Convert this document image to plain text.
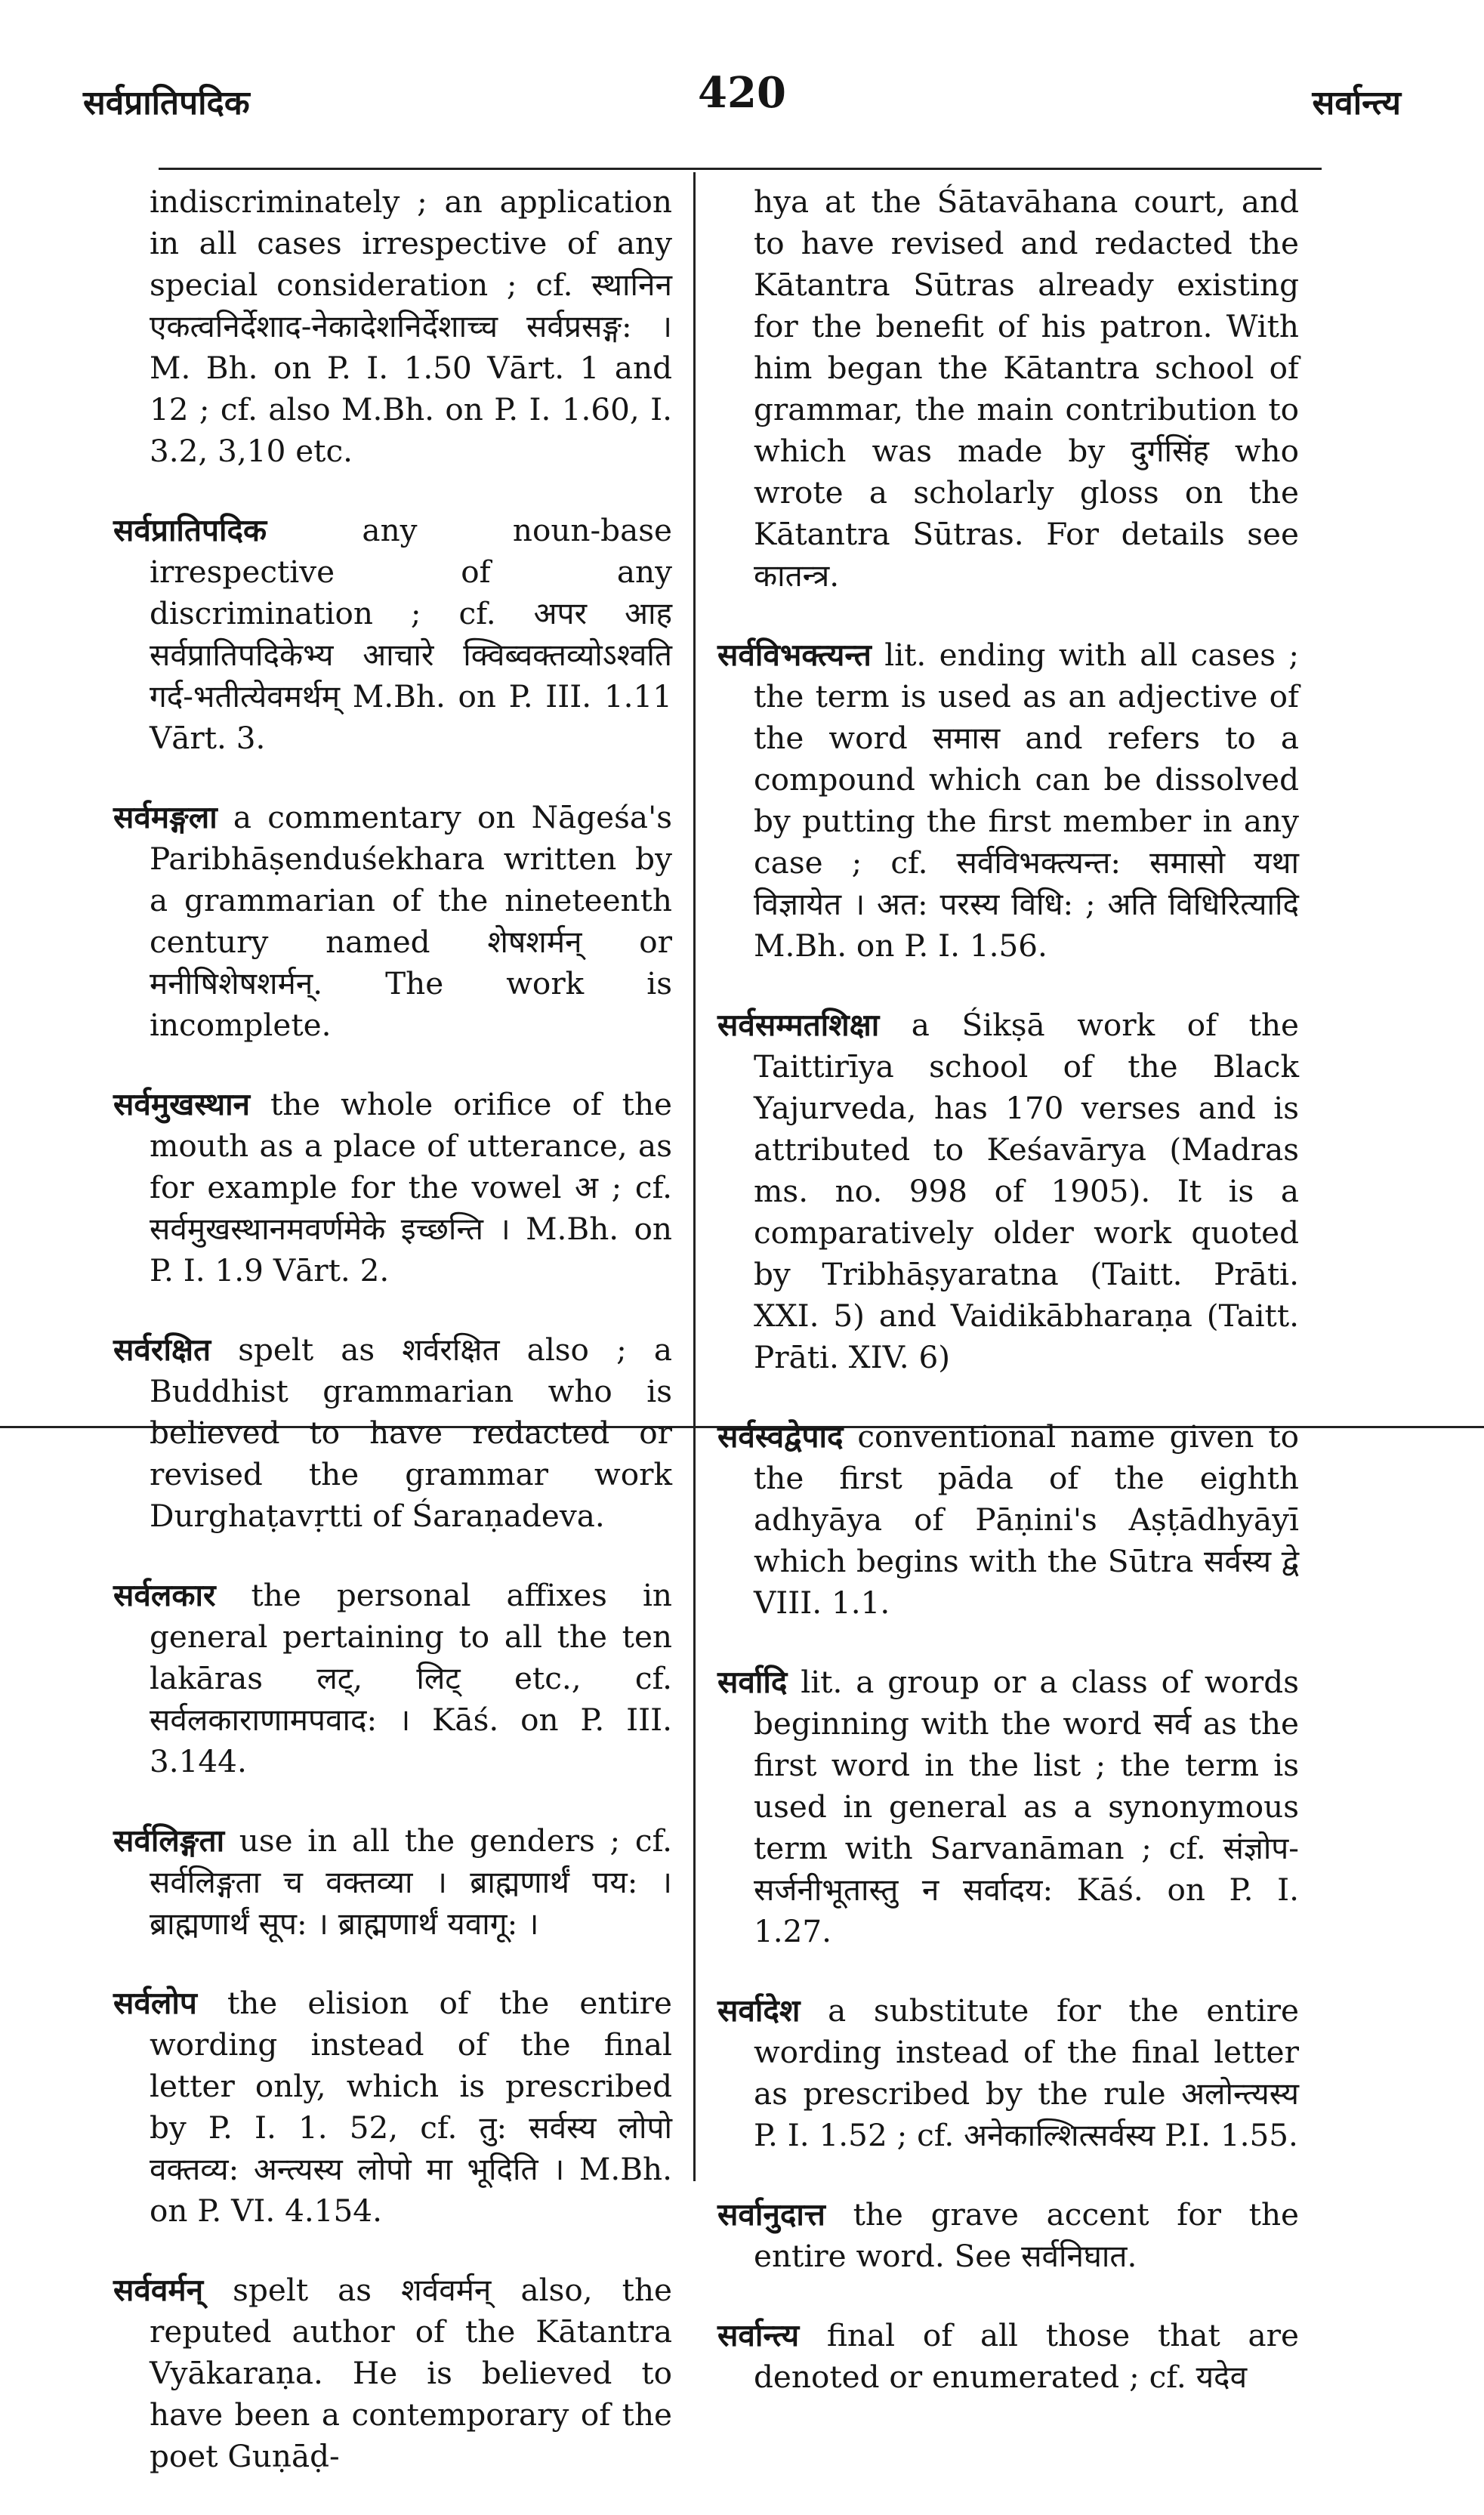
सर्वप्रातिपदिक	420	सर्वान्त्य

indiscriminately ; an application in all cases irrespective of any special consideration ; cf. स्थानिन एकत्वनिर्देशाद-नेकादेशनिर्देशाच्च सर्वप्रसङ्ग: । M. Bh. on P. I. 1.50 Vārt. 1 and 12 ; cf. also M.Bh. on P. I. 1.60, I. 3.2, 3,10 etc.

सर्वप्रातिपदिक any noun-base irrespective of any discrimination ; cf. अपर आह सर्वप्रातिपदिकेभ्य आचारे क्विब्वक्तव्योऽश्वति गर्द-भतीत्येवमर्थम् M.Bh. on P. III. 1.11 Vārt. 3.

सर्वमङ्गला a commentary on Nāgeśa's Paribhāṣenduśekhara written by a grammarian of the nineteenth century named शेषशर्मन् or मनीषिशेषशर्मन्. The work is incomplete.

सर्वमुखस्थान the whole orifice of the mouth as a place of utterance, as for example for the vowel अ ; cf. सर्वमुखस्थानमवर्णमेके इच्छन्ति । M.Bh. on P. I. 1.9 Vārt. 2.

सर्वरक्षित spelt as शर्वरक्षित also ; a Buddhist grammarian who is believed to have redacted or revised the grammar work Durghaṭavṛtti of Śaraṇadeva.

सर्वलकार the personal affixes in general pertaining to all the ten lakāras लट्, लिट् etc., cf. सर्वलकाराणामपवाद: । Kāś. on P. III. 3.144.

सर्वलिङ्गता use in all the genders ; cf. सर्वलिङ्गता च वक्तव्या । ब्राह्मणार्थं पय: । ब्राह्मणार्थं सूप: । ब्राह्मणार्थं यवागू: ।

सर्वलोप the elision of the entire wording instead of the final letter only, which is prescribed by P. I. 1. 52, cf. तु: सर्वस्य लोपो वक्तव्य: अन्त्यस्य लोपो मा भूदिति । M.Bh. on P. VI. 4.154.

सर्ववर्मन् spelt as शर्ववर्मन् also, the reputed author of the Kātantra Vyākaraṇa. He is believed to have been a contemporary of the poet Guṇāḍ-

hya at the Śātavāhana court, and to have revised and redacted the Kātantra Sūtras already existing for the benefit of his patron. With him began the Kātantra school of grammar, the main contribution to which was made by दुर्गसिंह who wrote a scholarly gloss on the Kātantra Sūtras. For details see कातन्त्र.

सर्वविभक्त्यन्त lit. ending with all cases ; the term is used as an adjective of the word समास and refers to a compound which can be dissolved by putting the first member in any case ; cf. सर्वविभक्त्यन्त: समासो यथा विज्ञायेत । अत: परस्य विधि: ; अति विधिरित्यादि M.Bh. on P. I. 1.56.

सर्वसम्मतशिक्षा a Śikṣā work of the Taittirīya school of the Black Yajurveda, has 170 verses and is attributed to Keśavārya (Madras ms. no. 998 of 1905). It is a comparatively older work quoted by Tribhāṣyaratna (Taitt. Prāti. XXI. 5) and Vaidikābharaṇa (Taitt. Prāti. XIV. 6)

सर्वस्वद्वेपाद conventional name given to the first pāda of the eighth adhyāya of Pāṇini's Aṣṭādhyāyī which begins with the Sūtra सर्वस्य द्वे VIII. 1.1.

सर्वादि lit. a group or a class of words beginning with the word सर्व as the first word in the list ; the term is used in general as a synonymous term with Sarvanāman ; cf. संज्ञोप-सर्जनीभूतास्तु न सर्वादय: Kāś. on P. I. 1.27.

सर्वादेश a substitute for the entire wording instead of the final letter as prescribed by the rule अलोन्त्यस्य P. I. 1.52 ; cf. अनेकाल्शित्सर्वस्य P.I. 1.55.

सर्वानुदात्त the grave accent for the entire word. See सर्वनिघात.

सर्वान्त्य final of all those that are denoted or enumerated ; cf. यदेव
